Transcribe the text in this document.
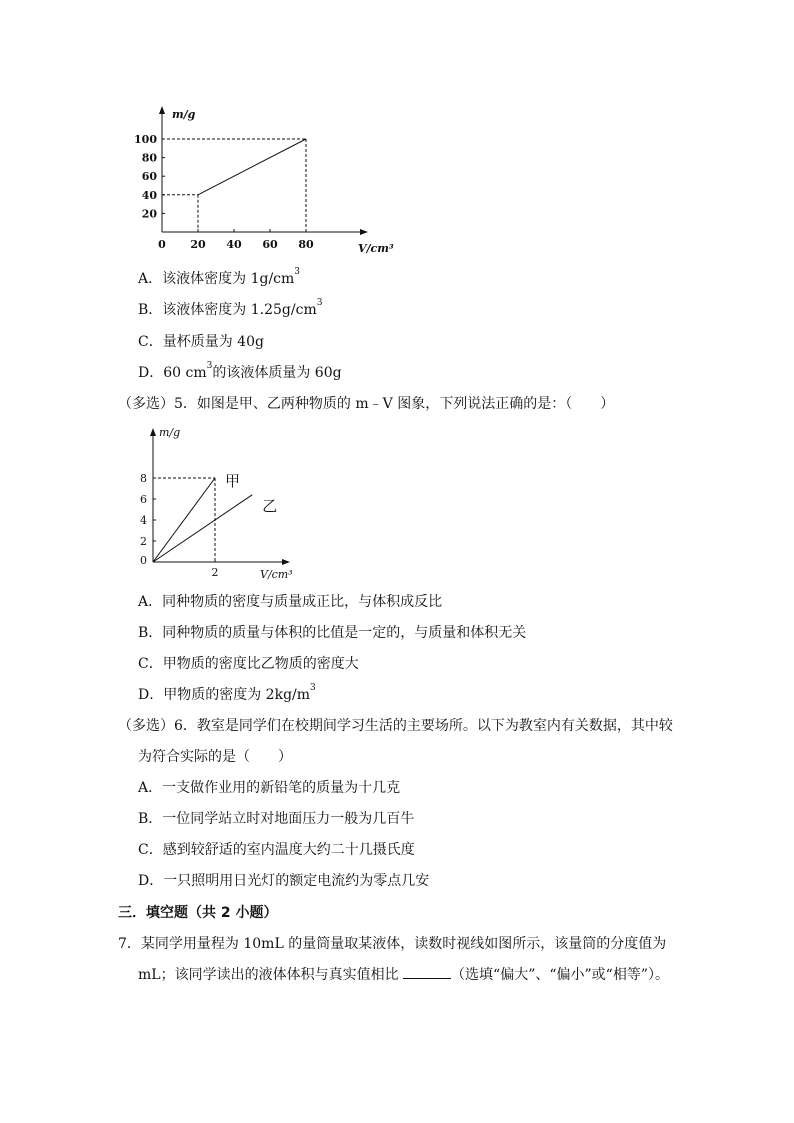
0 20 40 60 80
20
40
60
80
100
m/g
V/cm³
A．该液体密度为 $1g/cm^3$
B．该液体密度为 $1.25g/cm^3$
C．量杯质量为 40g
D．60 $cm^3$的该液体质量为 60g
（多选）5．如图是甲、乙两种物质的 m﹣V 图象，下列说法正确的是：（　　）
2
0
2
4
6
8
m/g
V/cm³
甲
乙
A．同种物质的密度与质量成正比，与体积成反比
B．同种物质的质量与体积的比值是一定的，与质量和体积无关
C．甲物质的密度比乙物质的密度大
D．甲物质的密度为 $2kg/m^3$
（多选）6．教室是同学们在校期间学习生活的主要场所。以下为教室内有关数据，其中较
为符合实际的是（　　）
A．一支做作业用的新铅笔的质量为十几克
B．一位同学站立时对地面压力一般为几百牛
C．感到较舒适的室内温度大约二十几摄氏度
D．一只照明用日光灯的额定电流约为零点几安
三．填空题（共 2 小题）
7．某同学用量程为 10mL 的量筒量取某液体，读数时视线如图所示，该量筒的分度值为
mL；该同学读出的液体体积与真实值相比	（选填“偏大”、“偏小”或“相等”）。
